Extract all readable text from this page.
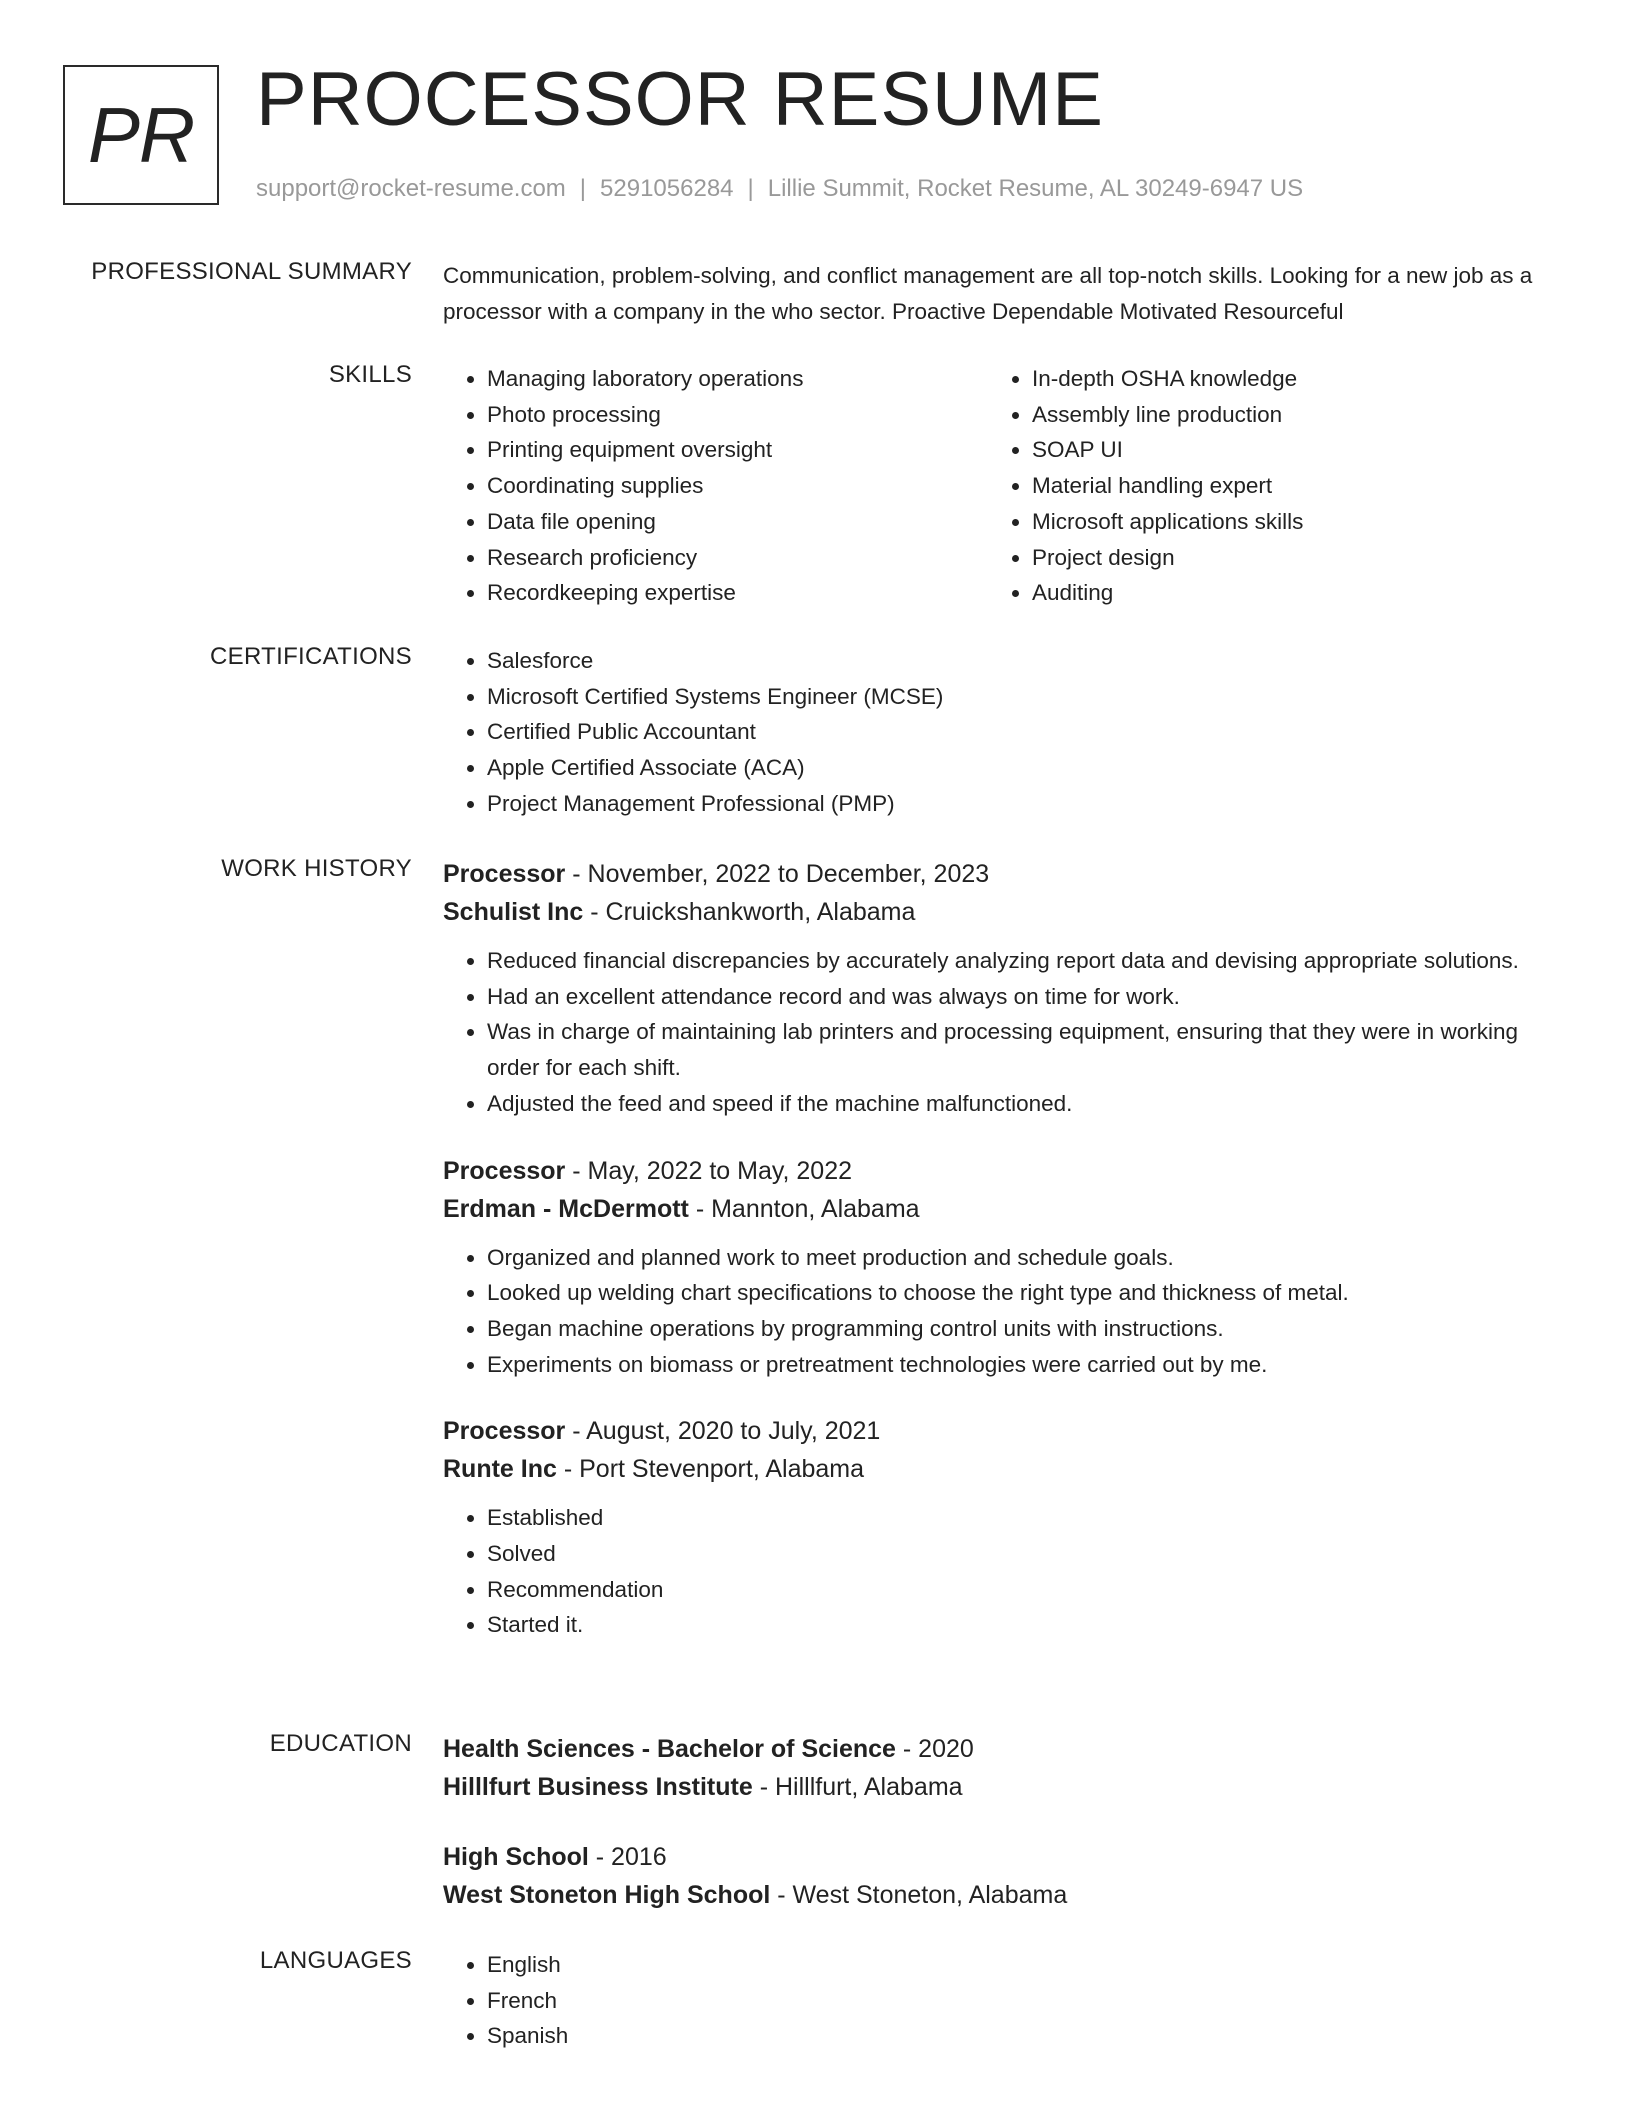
PR PROCESSOR RESUME
support@rocket-resume.com | 5291056284 | Lillie Summit, Rocket Resume, AL 30249-6947 US
PROFESSIONAL SUMMARY Communication, problem-solving, and conflict management are all top-notch skills. Looking for a new job as a processor with a company in the who sector. Proactive Dependable Motivated Resourceful

SKILLS	• Managing laboratory operations
• Photo processing
• Printing equipment oversight
• Coordinating supplies
• Data file opening
• Research proficiency
• Recordkeeping expertise
• In-depth OSHA knowledge
• Assembly line production
• SOAP UI
• Material handling expert
• Microsoft applications skills
• Project design
• Auditing
CERTIFICATIONS	• Salesforce
• Microsoft Certified Systems Engineer (MCSE)
• Certified Public Accountant
• Apple Certified Associate (ACA)
• Project Management Professional (PMP)
WORK HISTORY Processor - November, 2022 to December, 2023
Schulist Inc - Cruickshankworth, Alabama
• Reduced financial discrepancies by accurately analyzing report data and devising appropriate solutions.
• Had an excellent attendance record and was always on time for work.
• Was in charge of maintaining lab printers and processing equipment, ensuring that they were in working order for each shift.
• Adjusted the feed and speed if the machine malfunctioned.
Processor - May, 2022 to May, 2022
Erdman - McDermott - Mannton, Alabama
• Organized and planned work to meet production and schedule goals.
• Looked up welding chart specifications to choose the right type and thickness of metal.
• Began machine operations by programming control units with instructions.
• Experiments on biomass or pretreatment technologies were carried out by me.
Processor - August, 2020 to July, 2021
Runte Inc - Port Stevenport, Alabama
• Established
• Solved
• Recommendation
• Started it.
EDUCATION Health Sciences - Bachelor of Science - 2020
Hilllfurt Business Institute - Hilllfurt, Alabama
High School - 2016
West Stoneton High School - West Stoneton, Alabama
LANGUAGES	• English
• French
• Spanish
